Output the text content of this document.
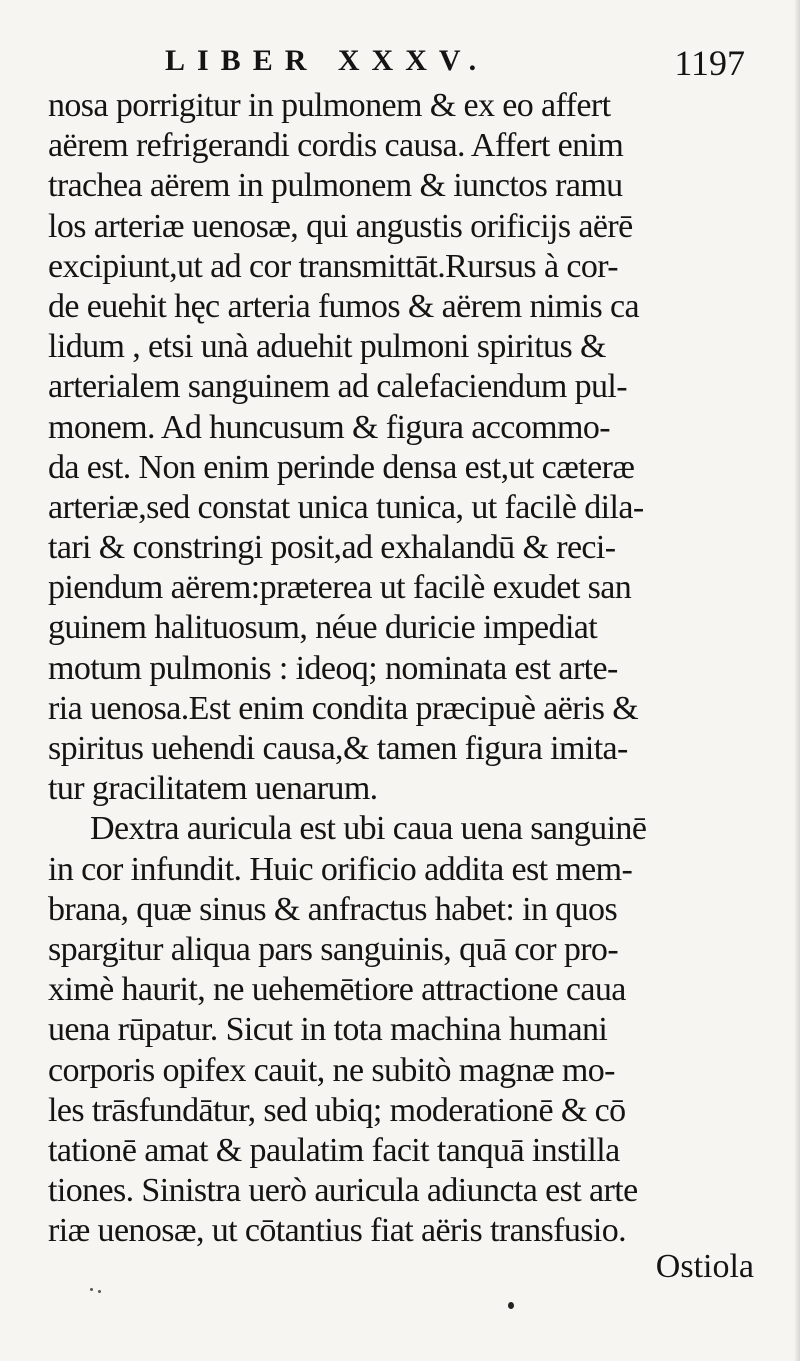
LIBER XXXV.	1197
nosa porrigitur in pulmonem & ex eo affert
aërem refrigerandi cordis causa. Affert enim
trachea aërem in pulmonem & iunctos ramu
los arteriæ uenosæ, qui angustis orificijs aërē
excipiunt,ut ad cor transmittāt.Rursus à cor-
de euehit hęc arteria fumos & aërem nimis ca
lidum , etsi unà aduehit pulmoni spiritus &
arterialem sanguinem ad calefaciendum pul-
monem. Ad huncusum & figura accommo-
da est. Non enim perinde densa est,ut cæteræ
arteriæ,sed constat unica tunica, ut facilè dila-
tari & constringi posit,ad exhalandū & reci-
piendum aërem:præterea ut facilè exudet san
guinem halituosum, néue duricie impediat
motum pulmonis : ideoq; nominata est arte-
ria uenosa.Est enim condita præcipuè aëris &
spiritus uehendi causa,& tamen figura imita-
tur gracilitatem uenarum.
Dextra auricula est ubi caua uena sanguinē
in cor infundit. Huic orificio addita est mem-
brana, quæ sinus & anfractus habet: in quos
spargitur aliqua pars sanguinis, quā cor pro-
ximè haurit, ne uehemētiore attractione caua
uena rūpatur. Sicut in tota machina humani
corporis opifex cauit, ne subitò magnæ mo-
les trāsfundātur, sed ubiq; moderationē & cō
tationē amat & paulatim facit tanquā instilla
tiones. Sinistra uerò auricula adiuncta est arte
riæ uenosæ, ut cōtantius fiat aëris transfusio.
Ostiola
